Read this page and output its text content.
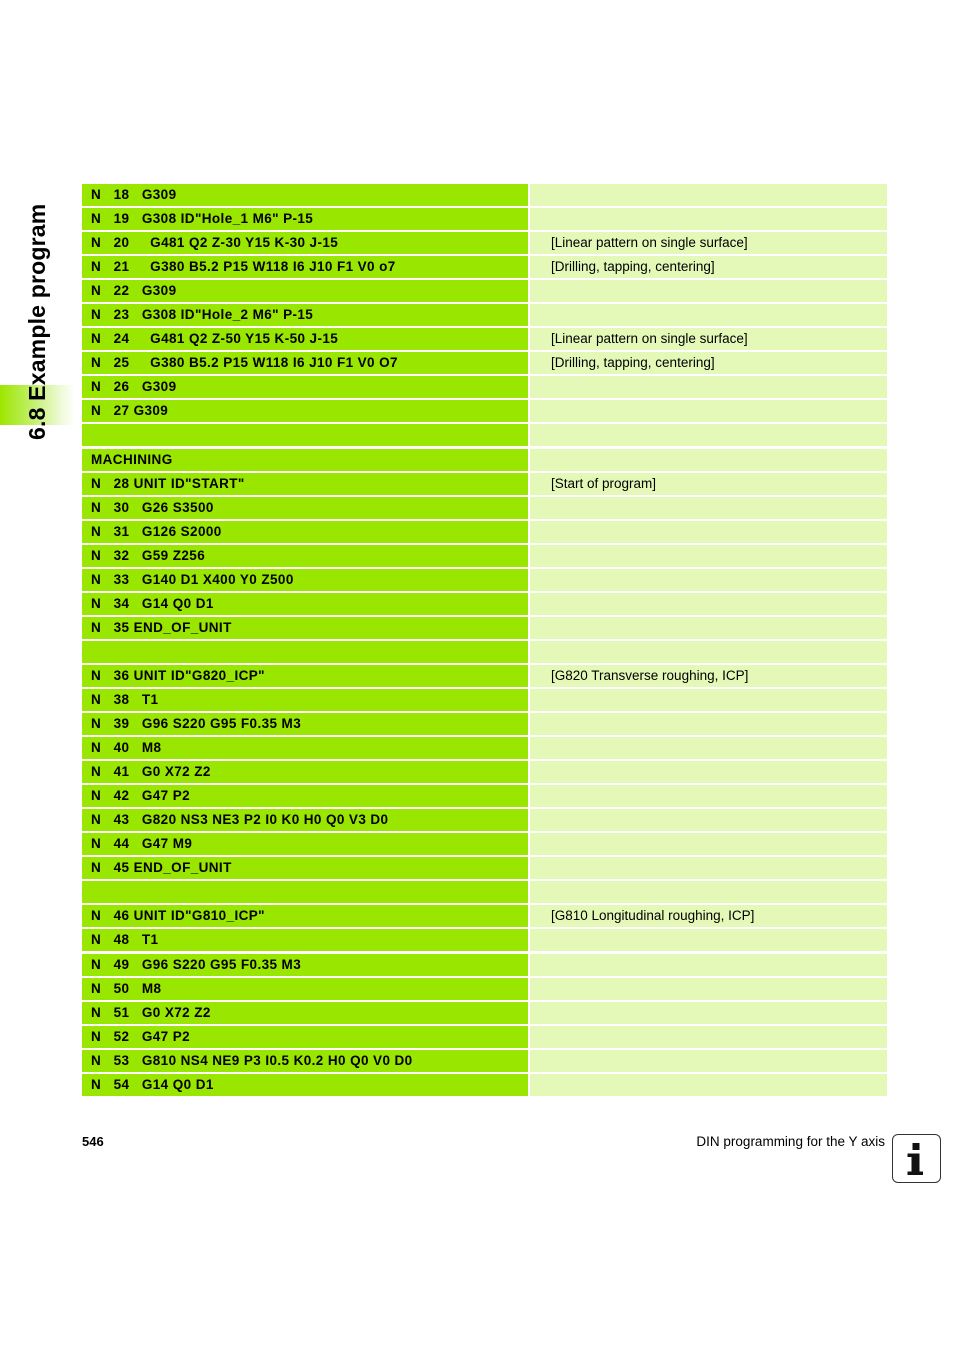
6.8 Example program
N   18   G309
N   19   G308 ID"Hole_1 M6" P-15
N   20     G481 Q2 Z-30 Y15 K-30 J-15	[Linear pattern on single surface]
N   21     G380 B5.2 P15 W118 I6 J10 F1 V0 o7	[Drilling, tapping, centering]
N   22   G309
N   23   G308 ID"Hole_2 M6" P-15
N   24     G481 Q2 Z-50 Y15 K-50 J-15	[Linear pattern on single surface]
N   25     G380 B5.2 P15 W118 I6 J10 F1 V0 O7	[Drilling, tapping, centering]
N   26   G309
N   27 G309
MACHINING
N   28 UNIT ID"START"	[Start of program]
N   30   G26 S3500
N   31   G126 S2000
N   32   G59 Z256
N   33   G140 D1 X400 Y0 Z500
N   34   G14 Q0 D1
N   35 END_OF_UNIT
N   36 UNIT ID"G820_ICP"	[G820 Transverse roughing, ICP]
N   38   T1
N   39   G96 S220 G95 F0.35 M3
N   40   M8
N   41   G0 X72 Z2
N   42   G47 P2
N   43   G820 NS3 NE3 P2 I0 K0 H0 Q0 V3 D0
N   44   G47 M9
N   45 END_OF_UNIT
N   46 UNIT ID"G810_ICP"	[G810 Longitudinal roughing, ICP]
N   48   T1
N   49   G96 S220 G95 F0.35 M3
N   50   M8
N   51   G0 X72 Z2
N   52   G47 P2
N   53   G810 NS4 NE9 P3 I0.5 K0.2 H0 Q0 V0 D0
N   54   G14 Q0 D1
546	DIN programming for the Y axis
